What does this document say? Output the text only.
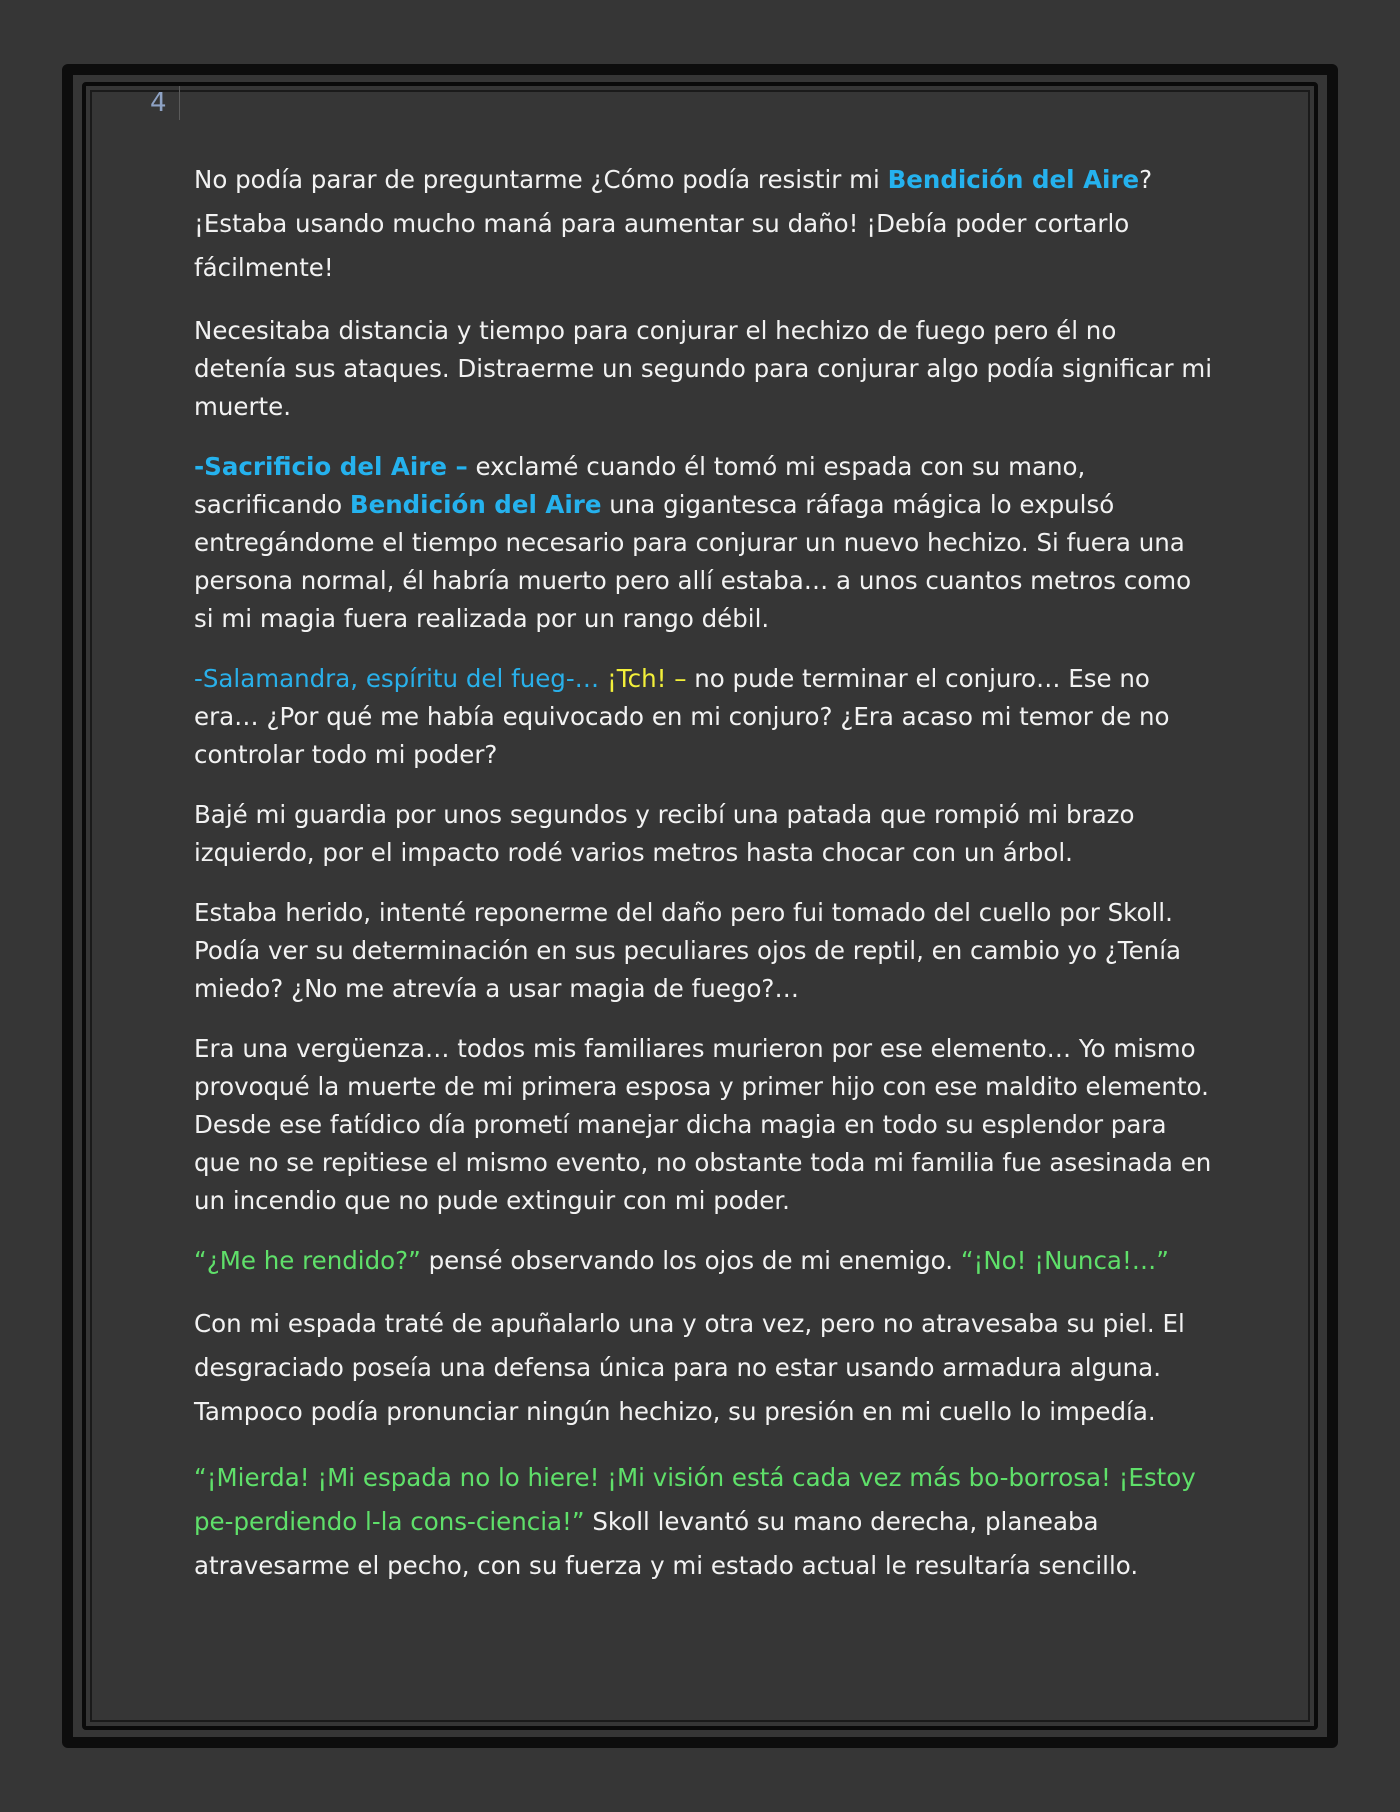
4

No podía parar de preguntarme ¿Cómo podía resistir mi Bendición del Aire? ¡Estaba usando mucho maná para aumentar su daño! ¡Debía poder cortarlo fácilmente!

Necesitaba distancia y tiempo para conjurar el hechizo de fuego pero él no detenía sus ataques. Distraerme un segundo para conjurar algo podía significar mi muerte.

-Sacrificio del Aire – exclamé cuando él tomó mi espada con su mano, sacrificando Bendición del Aire una gigantesca ráfaga mágica lo expulsó entregándome el tiempo necesario para conjurar un nuevo hechizo. Si fuera una persona normal, él habría muerto pero allí estaba… a unos cuantos metros como si mi magia fuera realizada por un rango débil.

-Salamandra, espíritu del fueg-… ¡Tch! – no pude terminar el conjuro… Ese no era… ¿Por qué me había equivocado en mi conjuro? ¿Era acaso mi temor de no controlar todo mi poder?

Bajé mi guardia por unos segundos y recibí una patada que rompió mi brazo izquierdo, por el impacto rodé varios metros hasta chocar con un árbol.

Estaba herido, intenté reponerme del daño pero fui tomado del cuello por Skoll. Podía ver su determinación en sus peculiares ojos de reptil, en cambio yo ¿Tenía miedo? ¿No me atrevía a usar magia de fuego?…

Era una vergüenza… todos mis familiares murieron por ese elemento… Yo mismo provoqué la muerte de mi primera esposa y primer hijo con ese maldito elemento. Desde ese fatídico día prometí manejar dicha magia en todo su esplendor para que no se repitiese el mismo evento, no obstante toda mi familia fue asesinada en un incendio que no pude extinguir con mi poder.

“¿Me he rendido?” pensé observando los ojos de mi enemigo. “¡No! ¡Nunca!…”

Con mi espada traté de apuñalarlo una y otra vez, pero no atravesaba su piel. El desgraciado poseía una defensa única para no estar usando armadura alguna. Tampoco podía pronunciar ningún hechizo, su presión en mi cuello lo impedía.

“¡Mierda! ¡Mi espada no lo hiere! ¡Mi visión está cada vez más bo-borrosa! ¡Estoy pe-perdiendo l-la cons-ciencia!” Skoll levantó su mano derecha, planeaba atravesarme el pecho, con su fuerza y mi estado actual le resultaría sencillo.
